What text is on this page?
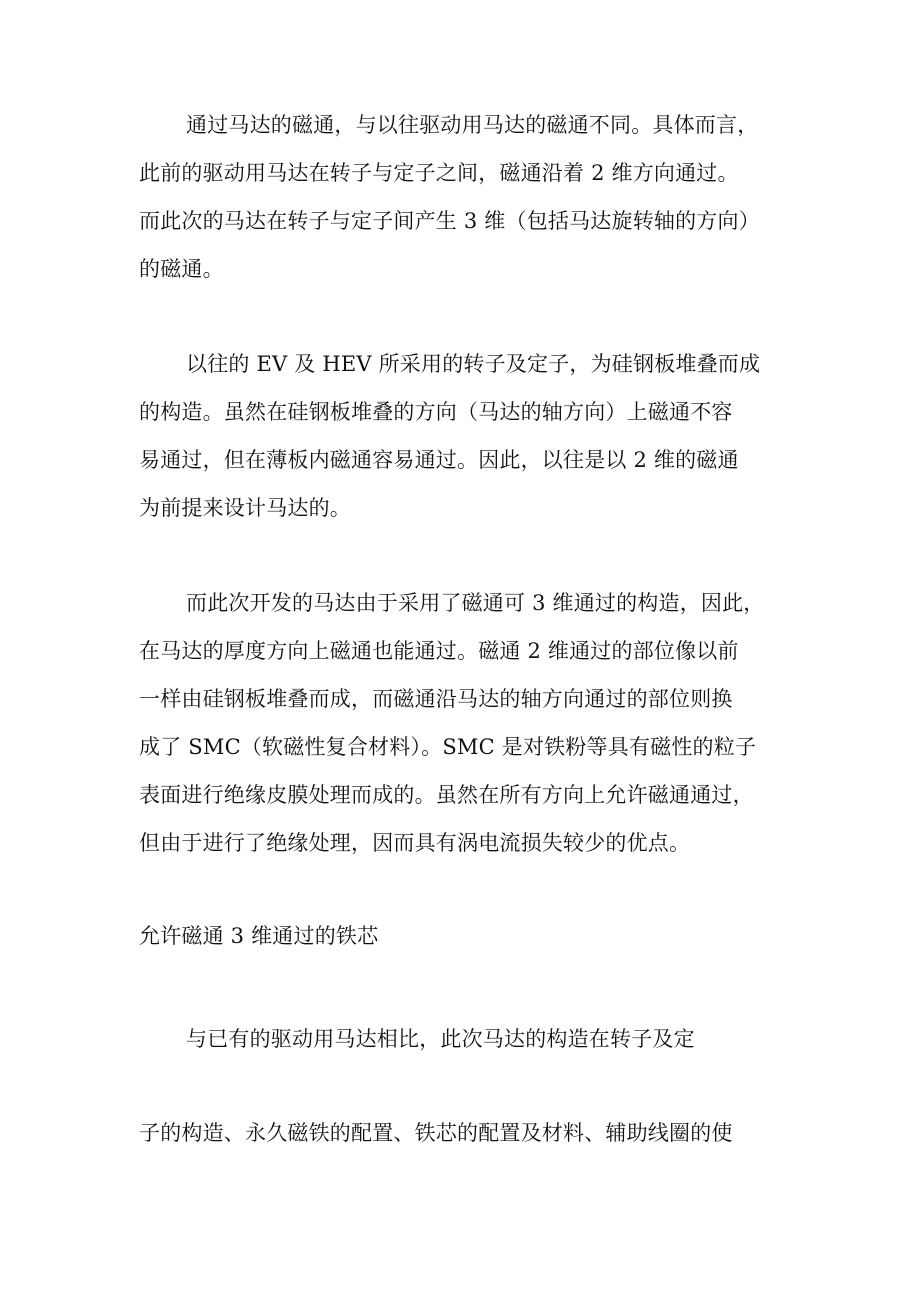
通过马达的磁通，与以往驱动用马达的磁通不同。具体而言，
此前的驱动用马达在转子与定子之间，磁通沿着 2 维方向通过。
而此次的马达在转子与定子间产生 3 维（包括马达旋转轴的方向）
的磁通。
以往的 EV 及 HEV 所采用的转子及定子，为硅钢板堆叠而成
的构造。虽然在硅钢板堆叠的方向（马达的轴方向）上磁通不容
易通过，但在薄板内磁通容易通过。因此，以往是以 2 维的磁通
为前提来设计马达的。
而此次开发的马达由于采用了磁通可 3 维通过的构造，因此，
在马达的厚度方向上磁通也能通过。磁通 2 维通过的部位像以前
一样由硅钢板堆叠而成，而磁通沿马达的轴方向通过的部位则换
成了 SMC（软磁性复合材料）。SMC 是对铁粉等具有磁性的粒子
表面进行绝缘皮膜处理而成的。虽然在所有方向上允许磁通通过，
但由于进行了绝缘处理，因而具有涡电流损失较少的优点。
允许磁通 3 维通过的铁芯
与已有的驱动用马达相比，此次马达的构造在转子及定
子的构造、永久磁铁的配置、铁芯的配置及材料、辅助线圈的使
